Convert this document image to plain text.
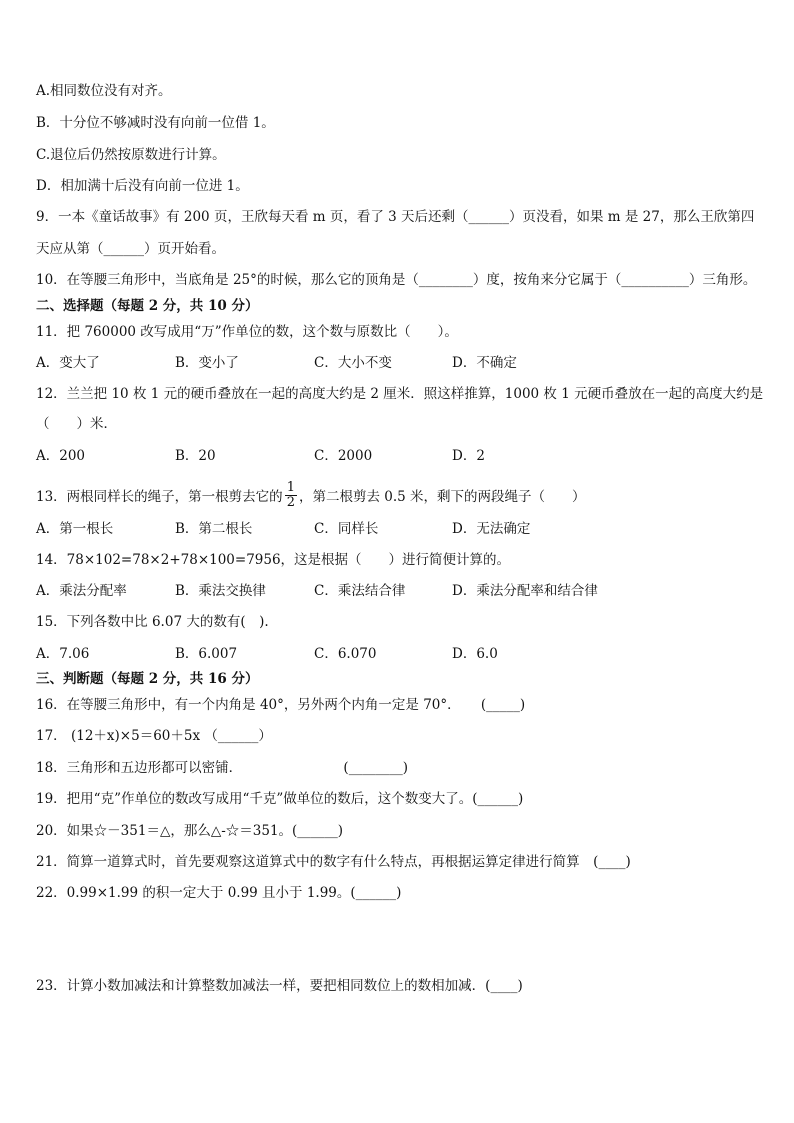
A.相同数位没有对齐。
B．十分位不够减时没有向前一位借 1。
C.退位后仍然按原数进行计算。
D．相加满十后没有向前一位进 1。
9．一本《童话故事》有 200 页，王欣每天看 m 页，看了 3 天后还剩（______）页没看，如果 m 是 27，那么王欣第四
天应从第（______）页开始看。
10．在等腰三角形中，当底角是 25°的时候，那么它的顶角是（________）度，按角来分它属于（__________）三角形。
二、选择题（每题 2 分，共 10 分）
11．把 760000 改写成用“万”作单位的数，这个数与原数比（　　）。
A．变大了	B．变小了	C．大小不变	D．不确定
12．兰兰把 10 枚 1 元的硬币叠放在一起的高度大约是 2 厘米．照这样推算，1000 枚 1 元硬币叠放在一起的高度大约是
（　　）米．
A．200	B．20	C．2000	D．2
13．两根同样长的绳子，第一根剪去它的 $\frac{1}{2}$ ，第二根剪去 0.5 米，剩下的两段绳子（　　）
A．第一根长	B．第二根长	C．同样长	D．无法确定
14．78×102=78×2+78×100=7956，这是根据（　　）进行简便计算的。
A．乘法分配率	B．乘法交换律	C．乘法结合律	D．乘法分配率和结合律
15．下列各数中比 6.07 大的数有(　).
A．7.06	B．6.007	C．6.070	D．6.0
三、判断题（每题 2 分，共 16 分）
16．在等腰三角形中，有一个内角是 40°，另外两个内角一定是 70°．　　(_____)
17． (12＋x)×5＝60＋5x （______）
18．三角形和五边形都可以密铺．　　　　　　　　(________)
19．把用“克”作单位的数改写成用“千克”做单位的数后，这个数变大了。(______)
20．如果☆－351＝△，那么△-☆＝351。(______)
21．简算一道算式时，首先要观察这道算式中的数字有什么特点，再根据运算定律进行简算　(____)
22．0.99×1.99 的积一定大于 0.99 且小于 1.99。(______)
23．计算小数加减法和计算整数加减法一样，要把相同数位上的数相加减．(____)
